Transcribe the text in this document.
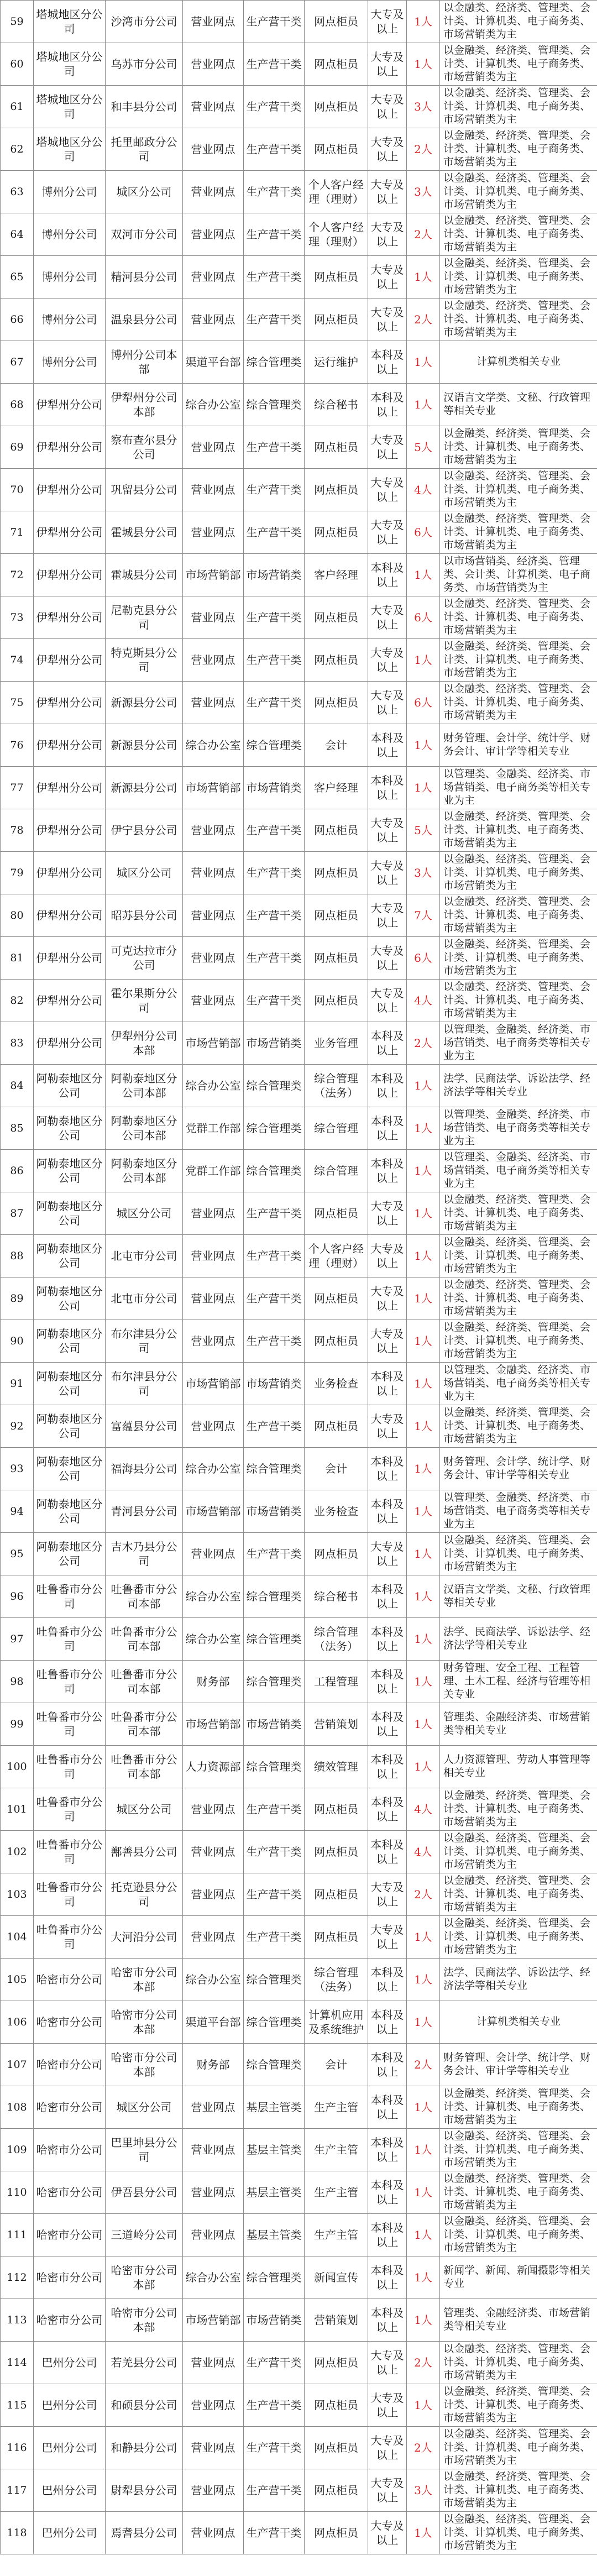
59	塔城地区分公司	沙湾市分公司	营业网点	生产营干类	网点柜员	大专及以上	1人	以金融类、经济类、管理类、会计类、计算机类、电子商务类、市场营销类为主
60	塔城地区分公司	乌苏市分公司	营业网点	生产营干类	网点柜员	大专及以上	1人	以金融类、经济类、管理类、会计类、计算机类、电子商务类、市场营销类为主
61	塔城地区分公司	和丰县分公司	营业网点	生产营干类	网点柜员	大专及以上	3人	以金融类、经济类、管理类、会计类、计算机类、电子商务类、市场营销类为主
62	塔城地区分公司	托里邮政分公司	营业网点	生产营干类	网点柜员	大专及以上	2人	以金融类、经济类、管理类、会计类、计算机类、电子商务类、市场营销类为主
63	博州分公司	城区分公司	营业网点	生产营干类	个人客户经理（理财）	大专及以上	3人	以金融类、经济类、管理类、会计类、计算机类、电子商务类、市场营销类为主
64	博州分公司	双河市分公司	营业网点	生产营干类	个人客户经理（理财）	大专及以上	2人	以金融类、经济类、管理类、会计类、计算机类、电子商务类、市场营销类为主
65	博州分公司	精河县分公司	营业网点	生产营干类	网点柜员	大专及以上	1人	以金融类、经济类、管理类、会计类、计算机类、电子商务类、市场营销类为主
66	博州分公司	温泉县分公司	营业网点	生产营干类	网点柜员	大专及以上	2人	以金融类、经济类、管理类、会计类、计算机类、电子商务类、市场营销类为主
67	博州分公司	博州分公司本部	渠道平台部	综合管理类	运行维护	本科及以上	1人	计算机类相关专业
68	伊犁州分公司	伊犁州分公司本部	综合办公室	综合管理类	综合秘书	本科及以上	1人	汉语言文学类、文秘、行政管理等相关专业
69	伊犁州分公司	察布查尔县分公司	营业网点	生产营干类	网点柜员	大专及以上	5人	以金融类、经济类、管理类、会计类、计算机类、电子商务类、市场营销类为主
70	伊犁州分公司	巩留县分公司	营业网点	生产营干类	网点柜员	大专及以上	4人	以金融类、经济类、管理类、会计类、计算机类、电子商务类、市场营销类为主
71	伊犁州分公司	霍城县分公司	营业网点	生产营干类	网点柜员	大专及以上	6人	以金融类、经济类、管理类、会计类、计算机类、电子商务类、市场营销类为主
72	伊犁州分公司	霍城县分公司	市场营销部	市场营销类	客户经理	本科及以上	1人	以市场营销类、经济类、管理类、会计类、计算机类、电子商务类、市场营销类为主
73	伊犁州分公司	尼勒克县分公司	营业网点	生产营干类	网点柜员	大专及以上	6人	以金融类、经济类、管理类、会计类、计算机类、电子商务类、市场营销类为主
74	伊犁州分公司	特克斯县分公司	营业网点	生产营干类	网点柜员	大专及以上	1人	以金融类、经济类、管理类、会计类、计算机类、电子商务类、市场营销类为主
75	伊犁州分公司	新源县分公司	营业网点	生产营干类	网点柜员	大专及以上	6人	以金融类、经济类、管理类、会计类、计算机类、电子商务类、市场营销类为主
76	伊犁州分公司	新源县分公司	综合办公室	综合管理类	会计	本科及以上	1人	财务管理、会计学、统计学、财务会计、审计学等相关专业
77	伊犁州分公司	新源县分公司	市场营销部	市场营销类	客户经理	本科及以上	1人	以管理类、金融类、经济类、市场营销类、电子商务类等相关专业为主
78	伊犁州分公司	伊宁县分公司	营业网点	生产营干类	网点柜员	大专及以上	5人	以金融类、经济类、管理类、会计类、计算机类、电子商务类、市场营销类为主
79	伊犁州分公司	城区分公司	营业网点	生产营干类	网点柜员	大专及以上	3人	以金融类、经济类、管理类、会计类、计算机类、电子商务类、市场营销类为主
80	伊犁州分公司	昭苏县分公司	营业网点	生产营干类	网点柜员	大专及以上	7人	以金融类、经济类、管理类、会计类、计算机类、电子商务类、市场营销类为主
81	伊犁州分公司	可克达拉市分公司	营业网点	生产营干类	网点柜员	大专及以上	6人	以金融类、经济类、管理类、会计类、计算机类、电子商务类、市场营销类为主
82	伊犁州分公司	霍尔果斯分公司	营业网点	生产营干类	网点柜员	大专及以上	4人	以金融类、经济类、管理类、会计类、计算机类、电子商务类、市场营销类为主
83	伊犁州分公司	伊犁州分公司本部	市场营销部	市场营销类	业务管理	本科及以上	2人	以管理类、金融类、经济类、市场营销类、电子商务类等相关专业为主
84	阿勒泰地区分公司	阿勒泰地区分公司本部	综合办公室	综合管理类	综合管理（法务）	本科及以上	1人	法学、民商法学、诉讼法学、经济法学等相关专业
85	阿勒泰地区分公司	阿勒泰地区分公司本部	党群工作部	综合管理类	综合管理	本科及以上	1人	以管理类、金融类、经济类、市场营销类、电子商务类等相关专业为主
86	阿勒泰地区分公司	阿勒泰地区分公司本部	党群工作部	综合管理类	综合管理	本科及以上	1人	以管理类、金融类、经济类、市场营销类、电子商务类等相关专业为主
87	阿勒泰地区分公司	城区分公司	营业网点	生产营干类	网点柜员	大专及以上	1人	以金融类、经济类、管理类、会计类、计算机类、电子商务类、市场营销类为主
88	阿勒泰地区分公司	北屯市分公司	营业网点	生产营干类	个人客户经理（理财）	大专及以上	1人	以金融类、经济类、管理类、会计类、计算机类、电子商务类、市场营销类为主
89	阿勒泰地区分公司	北屯市分公司	营业网点	生产营干类	网点柜员	大专及以上	1人	以金融类、经济类、管理类、会计类、计算机类、电子商务类、市场营销类为主
90	阿勒泰地区分公司	布尔津县分公司	营业网点	生产营干类	网点柜员	大专及以上	1人	以金融类、经济类、管理类、会计类、计算机类、电子商务类、市场营销类为主
91	阿勒泰地区分公司	布尔津县分公司	市场营销部	市场营销类	业务检查	本科及以上	1人	以管理类、金融类、经济类、市场营销类、电子商务类等相关专业为主
92	阿勒泰地区分公司	富蕴县分公司	营业网点	生产营干类	网点柜员	大专及以上	1人	以金融类、经济类、管理类、会计类、计算机类、电子商务类、市场营销类为主
93	阿勒泰地区分公司	福海县分公司	综合办公室	综合管理类	会计	本科及以上	1人	财务管理、会计学、统计学、财务会计、审计学等相关专业
94	阿勒泰地区分公司	青河县分公司	市场营销部	市场营销类	业务检查	本科及以上	1人	以管理类、金融类、经济类、市场营销类、电子商务类等相关专业为主
95	阿勒泰地区分公司	吉木乃县分公司	营业网点	生产营干类	网点柜员	大专及以上	1人	以金融类、经济类、管理类、会计类、计算机类、电子商务类、市场营销类为主
96	吐鲁番市分公司	吐鲁番市分公司本部	综合办公室	综合管理类	综合秘书	本科及以上	1人	汉语言文学类、文秘、行政管理等相关专业
97	吐鲁番市分公司	吐鲁番市分公司本部	综合办公室	综合管理类	综合管理（法务）	本科及以上	1人	法学、民商法学、诉讼法学、经济法学等相关专业
98	吐鲁番市分公司	吐鲁番市分公司本部	财务部	综合管理类	工程管理	本科及以上	1人	财务管理、安全工程、工程管理、土木工程、经济与管理等相关专业
99	吐鲁番市分公司	吐鲁番市分公司本部	市场营销部	市场营销类	营销策划	本科及以上	1人	管理类、金融经济类、市场营销类等相关专业
100	吐鲁番市分公司	吐鲁番市分公司本部	人力资源部	综合管理类	绩效管理	本科及以上	1人	人力资源管理、劳动人事管理等相关专业
101	吐鲁番市分公司	城区分公司	营业网点	生产营干类	网点柜员	本科及以上	4人	以金融类、经济类、管理类、会计类、计算机类、电子商务类、市场营销类为主
102	吐鲁番市分公司	鄯善县分公司	营业网点	生产营干类	网点柜员	本科及以上	4人	以金融类、经济类、管理类、会计类、计算机类、电子商务类、市场营销类为主
103	吐鲁番市分公司	托克逊县分公司	营业网点	生产营干类	网点柜员	大专及以上	2人	以金融类、经济类、管理类、会计类、计算机类、电子商务类、市场营销类为主
104	吐鲁番市分公司	大河沿分公司	营业网点	生产营干类	网点柜员	大专及以上	1人	以金融类、经济类、管理类、会计类、计算机类、电子商务类、市场营销类为主
105	哈密市分公司	哈密市分公司本部	综合办公室	综合管理类	综合管理（法务）	本科及以上	1人	法学、民商法学、诉讼法学、经济法学等相关专业
106	哈密市分公司	哈密市分公司本部	渠道平台部	综合管理类	计算机应用及系统维护	本科及以上	1人	计算机类相关专业
107	哈密市分公司	哈密市分公司本部	财务部	综合管理类	会计	本科及以上	2人	财务管理、会计学、统计学、财务会计、审计学等相关专业
108	哈密市分公司	城区分公司	营业网点	基层主管类	生产主管	本科及以上	1人	以金融类、经济类、管理类、会计类、计算机类、电子商务类、市场营销类为主
109	哈密市分公司	巴里坤县分公司	营业网点	基层主管类	生产主管	本科及以上	1人	以金融类、经济类、管理类、会计类、计算机类、电子商务类、市场营销类为主
110	哈密市分公司	伊吾县分公司	营业网点	基层主管类	生产主管	本科及以上	1人	以金融类、经济类、管理类、会计类、计算机类、电子商务类、市场营销类为主
111	哈密市分公司	三道岭分公司	营业网点	基层主管类	生产主管	本科及以上	1人	以金融类、经济类、管理类、会计类、计算机类、电子商务类、市场营销类为主
112	哈密市分公司	哈密市分公司本部	综合办公室	综合管理类	新闻宣传	本科及以上	1人	新闻学、新闻、新闻摄影等相关专业
113	哈密市分公司	哈密市分公司本部	市场营销部	市场营销类	营销策划	本科及以上	1人	管理类、金融经济类、市场营销类等相关专业
114	巴州分公司	若羌县分公司	营业网点	生产营干类	网点柜员	大专及以上	2人	以金融类、经济类、管理类、会计类、计算机类、电子商务类、市场营销类为主
115	巴州分公司	和硕县分公司	营业网点	生产营干类	网点柜员	大专及以上	1人	以金融类、经济类、管理类、会计类、计算机类、电子商务类、市场营销类为主
116	巴州分公司	和静县分公司	营业网点	生产营干类	网点柜员	大专及以上	2人	以金融类、经济类、管理类、会计类、计算机类、电子商务类、市场营销类为主
117	巴州分公司	尉犁县分公司	营业网点	生产营干类	网点柜员	大专及以上	3人	以金融类、经济类、管理类、会计类、计算机类、电子商务类、市场营销类为主
118	巴州分公司	焉耆县分公司	营业网点	生产营干类	网点柜员	大专及以上	1人	以金融类、经济类、管理类、会计类、计算机类、电子商务类、市场营销类为主
